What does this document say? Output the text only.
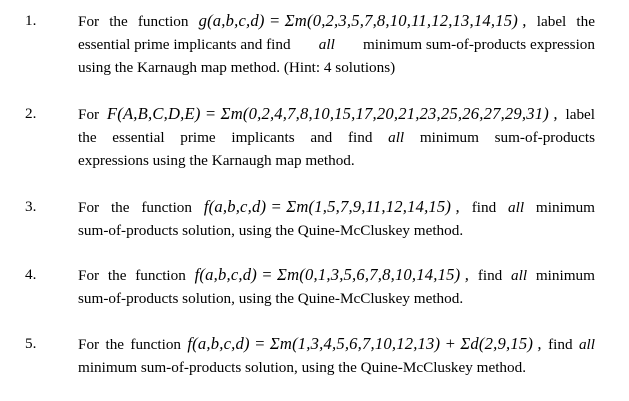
1.	For the function g(a,b,c,d) = Σm(0,2,3,5,7,8,10,11,12,13,14,15) , label the
essential prime implicants and find all minimum sum-of-products expression
using the Karnaugh map method. (Hint: 4 solutions)
2.	For F(A,B,C,D,E) = Σm(0,2,4,7,8,10,15,17,20,21,23,25,26,27,29,31) , label
the essential prime implicants and find all minimum sum-of-products
expressions using the Karnaugh map method.
3.	For the function f(a,b,c,d) = Σm(1,5,7,9,11,12,14,15) , find all minimum
sum-of-products solution, using the Quine-McCluskey method.
4.	For the function f(a,b,c,d) = Σm(0,1,3,5,6,7,8,10,14,15) , find all minimum
sum-of-products solution, using the Quine-McCluskey method.
5.	For the function f(a,b,c,d) = Σm(1,3,4,5,6,7,10,12,13) + Σd(2,9,15) , find all
minimum sum-of-products solution, using the Quine-McCluskey method.
